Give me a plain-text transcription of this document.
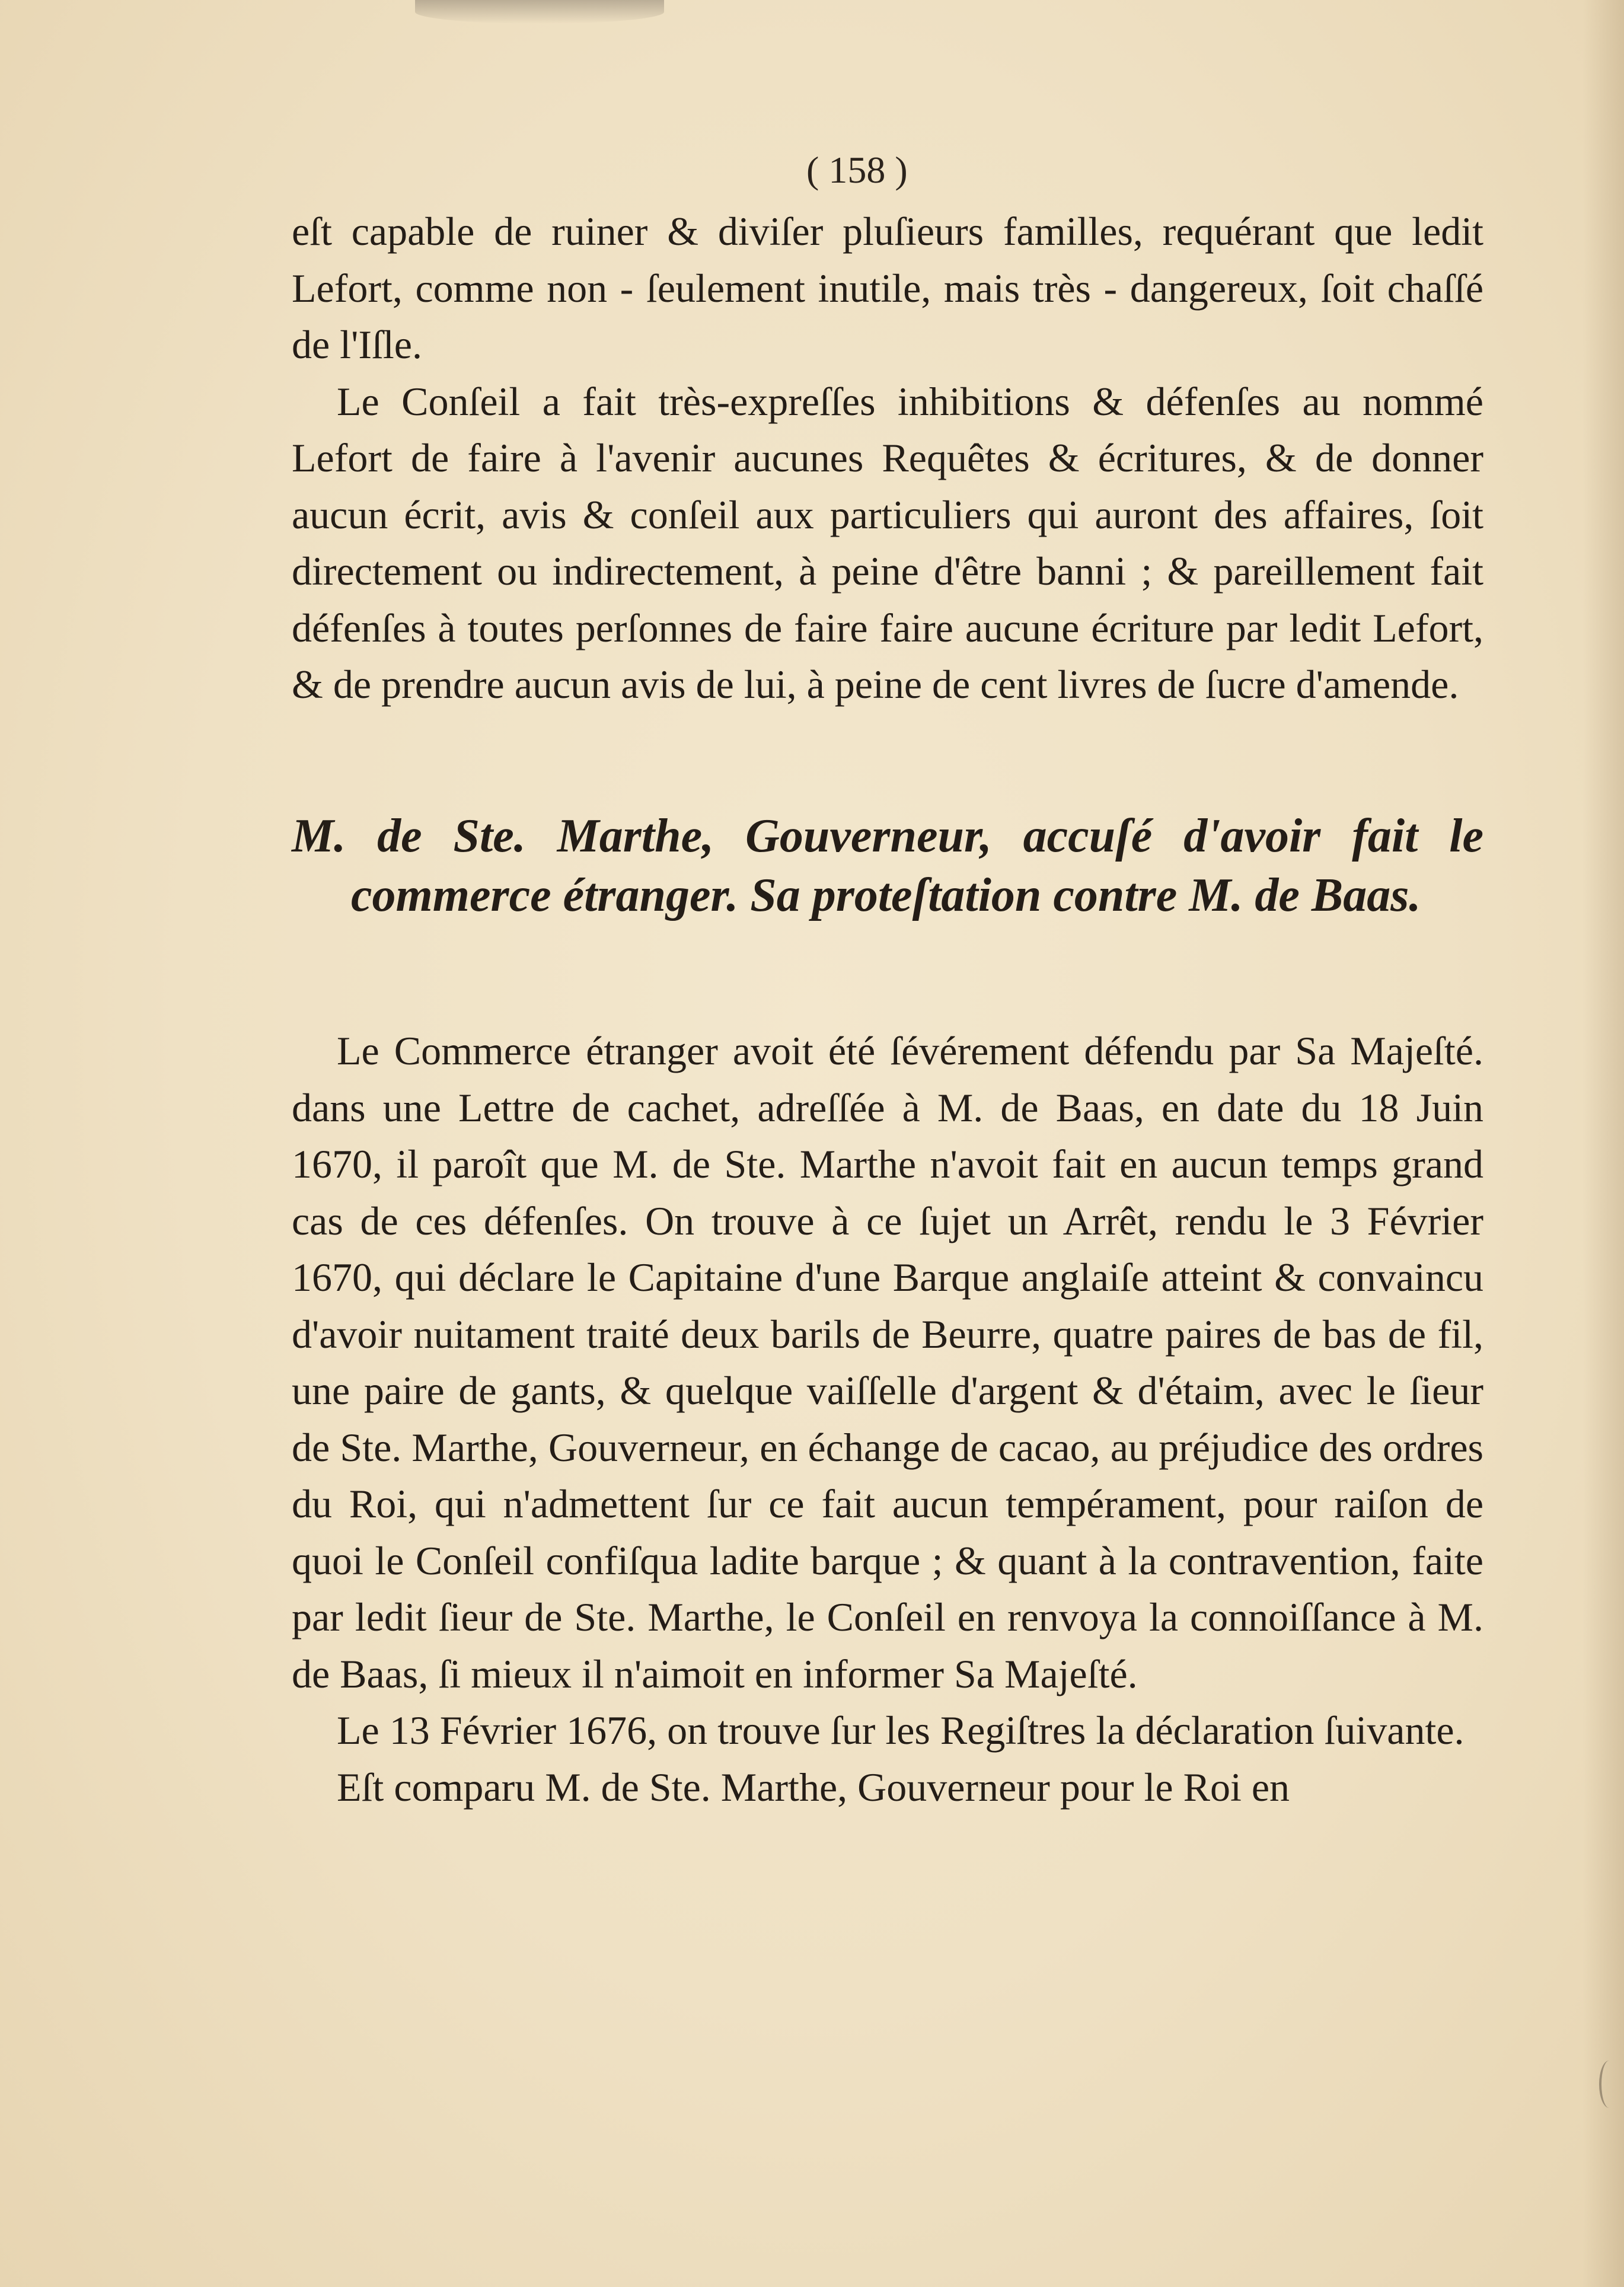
( 158 )

eſt capable de ruiner & diviſer pluſieurs familles, requérant que ledit Lefort, comme non - ſeulement inutile, mais très - dangereux, ſoit chaſſé de l'Iſle.

Le Conſeil a fait très-expreſſes inhibitions & défenſes au nommé Lefort de faire à l'avenir aucunes Requêtes & écritures, & de donner aucun écrit, avis & conſeil aux particuliers qui auront des affaires, ſoit directement ou indirectement, à peine d'être banni ; & pareillement fait défenſes à toutes perſonnes de faire faire aucune écriture par ledit Lefort, & de prendre aucun avis de lui, à peine de cent livres de ſucre d'amende.

M. de Ste. Marthe, Gouverneur, accuſé d'avoir fait le commerce étranger. Sa proteſtation contre M. de Baas.

Le Commerce étranger avoit été ſévérement défendu par Sa Majeſté. dans une Lettre de cachet, adreſſée à M. de Baas, en date du 18 Juin 1670, il paroît que M. de Ste. Marthe n'avoit fait en aucun temps grand cas de ces défenſes. On trouve à ce ſujet un Arrêt, rendu le 3 Février 1670, qui déclare le Capitaine d'une Barque anglaiſe atteint & convaincu d'avoir nuitament traité deux barils de Beurre, quatre paires de bas de fil, une paire de gants, & quelque vaiſſelle d'argent & d'étaim, avec le ſieur de Ste. Marthe, Gouverneur, en échange de cacao, au préjudice des ordres du Roi, qui n'admettent ſur ce fait aucun tempérament, pour raiſon de quoi le Conſeil confiſqua ladite barque ; & quant à la contravention, faite par ledit ſieur de Ste. Marthe, le Conſeil en renvoya la connoiſſance à M. de Baas, ſi mieux il n'aimoit en informer Sa Majeſté.

Le 13 Février 1676, on trouve ſur les Regiſtres la déclaration ſuivante.

Eſt comparu M. de Ste. Marthe, Gouverneur pour le Roi en
